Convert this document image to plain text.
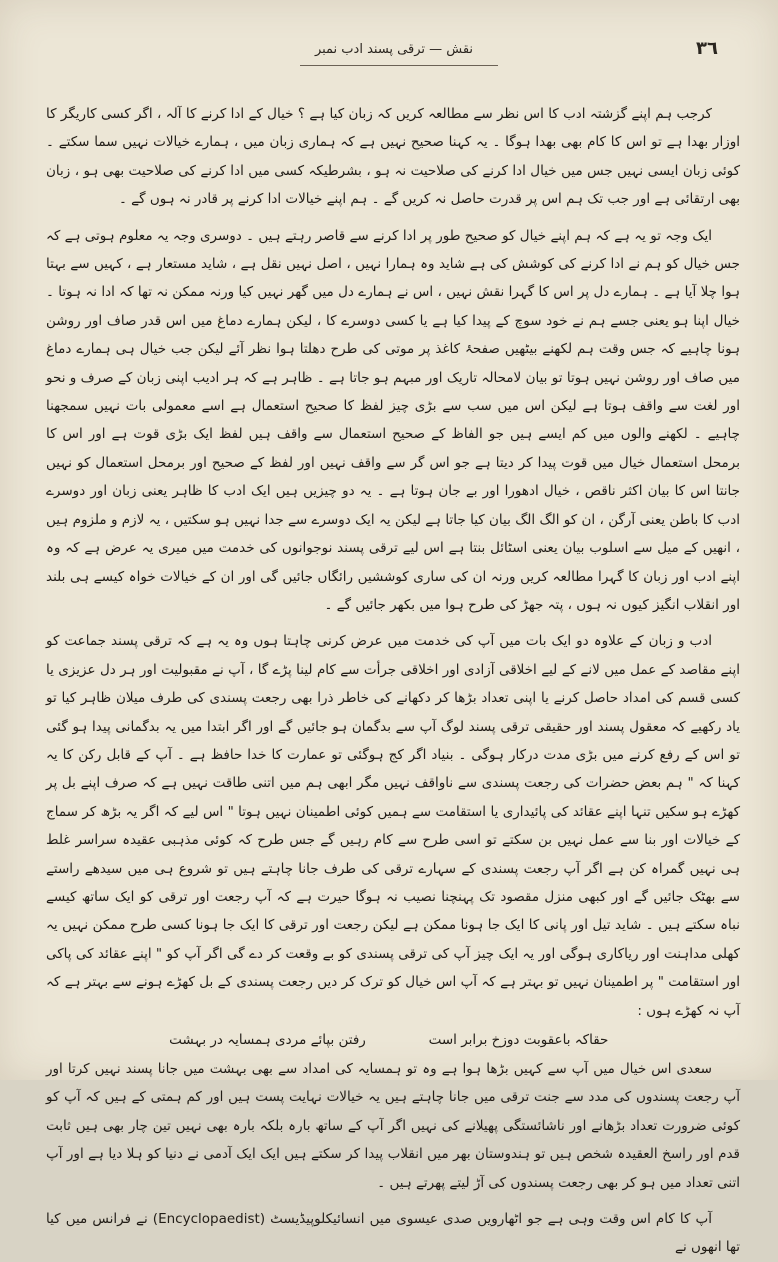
٣٦
نقش — ترقی پسند ادب نمبر

کرجب ہم اپنے گزشتہ ادب کا اس نظر سے مطالعہ کریں کہ زبان کیا ہے ؟ خیال کے ادا کرنے کا آلہ ، اگر کسی کاریگر کا اوزار بھدا ہے تو اس کا کام بھی بھدا ہوگا ۔ یہ کہنا صحیح نہیں ہے کہ ہماری زبان میں ، ہمارے خیالات نہیں سما سکتے ۔ کوئی زبان ایسی نہیں جس میں خیال ادا کرنے کی صلاحیت نہ ہو ، بشرطیکہ کسی میں ادا کرنے کی صلاحیت بھی ہو ، زبان بھی ارتقائی ہے اور جب تک ہم اس پر قدرت حاصل نہ کریں گے ۔ ہم اپنے خیالات ادا کرنے پر قادر نہ ہوں گے ۔

ایک وجہ تو یہ ہے کہ ہم اپنے خیال کو صحیح طور پر ادا کرنے سے قاصر رہتے ہیں ۔ دوسری وجہ یہ معلوم ہوتی ہے کہ جس خیال کو ہم نے ادا کرنے کی کوشش کی ہے شاید وہ ہمارا نہیں ، اصل نہیں نقل ہے ، شاید مستعار ہے ، کہیں سے بہتا ہوا چلا آیا ہے ۔ ہمارے دل پر اس کا گہرا نقش نہیں ، اس نے ہمارے دل میں گھر نہیں کیا ورنہ ممکن نہ تھا کہ ادا نہ ہوتا ۔ خیال اپنا ہو یعنی جسے ہم نے خود سوچ کے پیدا کیا ہے یا کسی دوسرے کا ، لیکن ہمارے دماغ میں اس قدر صاف اور روشن ہونا چاہیے کہ جس وقت ہم لکھنے بیٹھیں صفحۂ کاغذ پر موتی کی طرح دھلتا ہوا نظر آئے لیکن جب خیال ہی ہمارے دماغ میں صاف اور روشن نہیں ہوتا تو بیان لامحالہ تاریک اور مبہم ہو جاتا ہے ۔ ظاہر ہے کہ ہر ادیب اپنی زبان کے صرف و نحو اور لغت سے واقف ہوتا ہے لیکن اس میں سب سے بڑی چیز لفظ کا صحیح استعمال ہے اسے معمولی بات نہیں سمجھنا چاہیے ۔ لکھنے والوں میں کم ایسے ہیں جو الفاظ کے صحیح استعمال سے واقف ہیں لفظ ایک بڑی قوت ہے اور اس کا برمحل استعمال خیال میں قوت پیدا کر دیتا ہے جو اس گر سے واقف نہیں اور لفظ کے صحیح اور برمحل استعمال کو نہیں جانتا اس کا بیان اکثر ناقص ، خیال ادھورا اور بے جان ہوتا ہے ۔ یہ دو چیزیں ہیں ایک ادب کا ظاہر یعنی زبان اور دوسرے ادب کا باطن یعنی آرگن ، ان کو الگ الگ بیان کیا جاتا ہے لیکن یہ ایک دوسرے سے جدا نہیں ہو سکتیں ، یہ لازم و ملزوم ہیں ، انھیں کے میل سے اسلوب بیان یعنی اسٹائل بنتا ہے اس لیے ترقی پسند نوجوانوں کی خدمت میں میری یہ عرض ہے کہ وہ اپنے ادب اور زبان کا گہرا مطالعہ کریں ورنہ ان کی ساری کوششیں رائگاں جائیں گی اور ان کے خیالات خواہ کیسے ہی بلند اور انقلاب انگیز کیوں نہ ہوں ، پتہ جھڑ کی طرح ہوا میں بکھر جائیں گے ۔

ادب و زبان کے علاوہ دو ایک بات میں آپ کی خدمت میں عرض کرنی چاہتا ہوں وہ یہ ہے کہ ترقی پسند جماعت کو اپنے مقاصد کے عمل میں لانے کے لیے اخلاقی آزادی اور اخلاقی جرأت سے کام لینا پڑے گا ، آپ نے مقبولیت اور ہر دل عزیزی یا کسی قسم کی امداد حاصل کرنے یا اپنی تعداد بڑھا کر دکھانے کی خاطر ذرا بھی رجعت پسندی کی طرف میلان ظاہر کیا تو یاد رکھیے کہ معقول پسند اور حقیقی ترقی پسند لوگ آپ سے بدگمان ہو جائیں گے اور اگر ابتدا میں یہ بدگمانی پیدا ہو گئی تو اس کے رفع کرنے میں بڑی مدت درکار ہوگی ۔ بنیاد اگر کج ہوگئی تو عمارت کا خدا حافظ ہے ۔ آپ کے قابل رکن کا یہ کہنا کہ " ہم بعض حضرات کی رجعت پسندی سے ناواقف نہیں مگر ابھی ہم میں اتنی طاقت نہیں ہے کہ صرف اپنے بل پر کھڑے ہو سکیں تنہا اپنے عقائد کی پائیداری یا استقامت سے ہمیں کوئی اطمینان نہیں ہوتا " اس لیے کہ اگر یہ بڑھ کر سماج کے خیالات اور بنا سے عمل نہیں بن سکتے تو اسی طرح سے کام رہیں گے جس طرح کہ کوئی مذہبی عقیدہ سراسر غلط ہی نہیں گمراہ کن ہے اگر آپ رجعت پسندی کے سہارے ترقی کی طرف جانا چاہتے ہیں تو شروع ہی میں سیدھے راستے سے بھٹک جائیں گے اور کبھی منزل مقصود تک پہنچنا نصیب نہ ہوگا حیرت ہے کہ آپ رجعت اور ترقی کو ایک ساتھ کیسے نباہ سکتے ہیں ۔ شاید تیل اور پانی کا ایک جا ہونا ممکن ہے لیکن رجعت اور ترقی کا ایک جا ہونا کسی طرح ممکن نہیں یہ کھلی مداہنت اور ریاکاری ہوگی اور یہ ایک چیز آپ کی ترقی پسندی کو بے وقعت کر دے گی اگر آپ کو " اپنے عقائد کی پاکی اور استقامت " پر اطمینان نہیں تو بہتر ہے کہ آپ اس خیال کو ترک کر دیں رجعت پسندی کے بل کھڑے ہونے سے بہتر ہے کہ آپ نہ کھڑے ہوں :

حقاکہ باعقوبت دوزخ برابر است رفتن بپائے مردی ہمسایہ در بہشت

سعدی اس خیال میں آپ سے کہیں بڑھا ہوا ہے وہ تو ہمسایہ کی امداد سے بھی بہشت میں جانا پسند نہیں کرتا اور آپ رجعت پسندوں کی مدد سے جنت ترقی میں جانا چاہتے ہیں یہ خیالات نہایت پست ہیں اور کم ہمتی کے ہیں کہ آپ کو کوئی ضرورت تعداد بڑھانے اور ناشائستگی پھیلانے کی نہیں اگر آپ کے ساتھ بارہ بلکہ بارہ بھی نہیں تین چار بھی ہیں ثابت قدم اور راسخ العقیدہ شخص ہیں تو ہندوستان بھر میں انقلاب پیدا کر سکتے ہیں ایک ایک آدمی نے دنیا کو ہلا دیا ہے اور آپ اتنی تعداد میں ہو کر بھی رجعت پسندوں کی آڑ لیتے پھرتے ہیں ۔

آپ کا کام اس وقت وہی ہے جو اٹھارویں صدی عیسوی میں انسائیکلوپیڈیسٹ (Encyclopaedist) نے فرانس میں کیا تھا انھوں نے
